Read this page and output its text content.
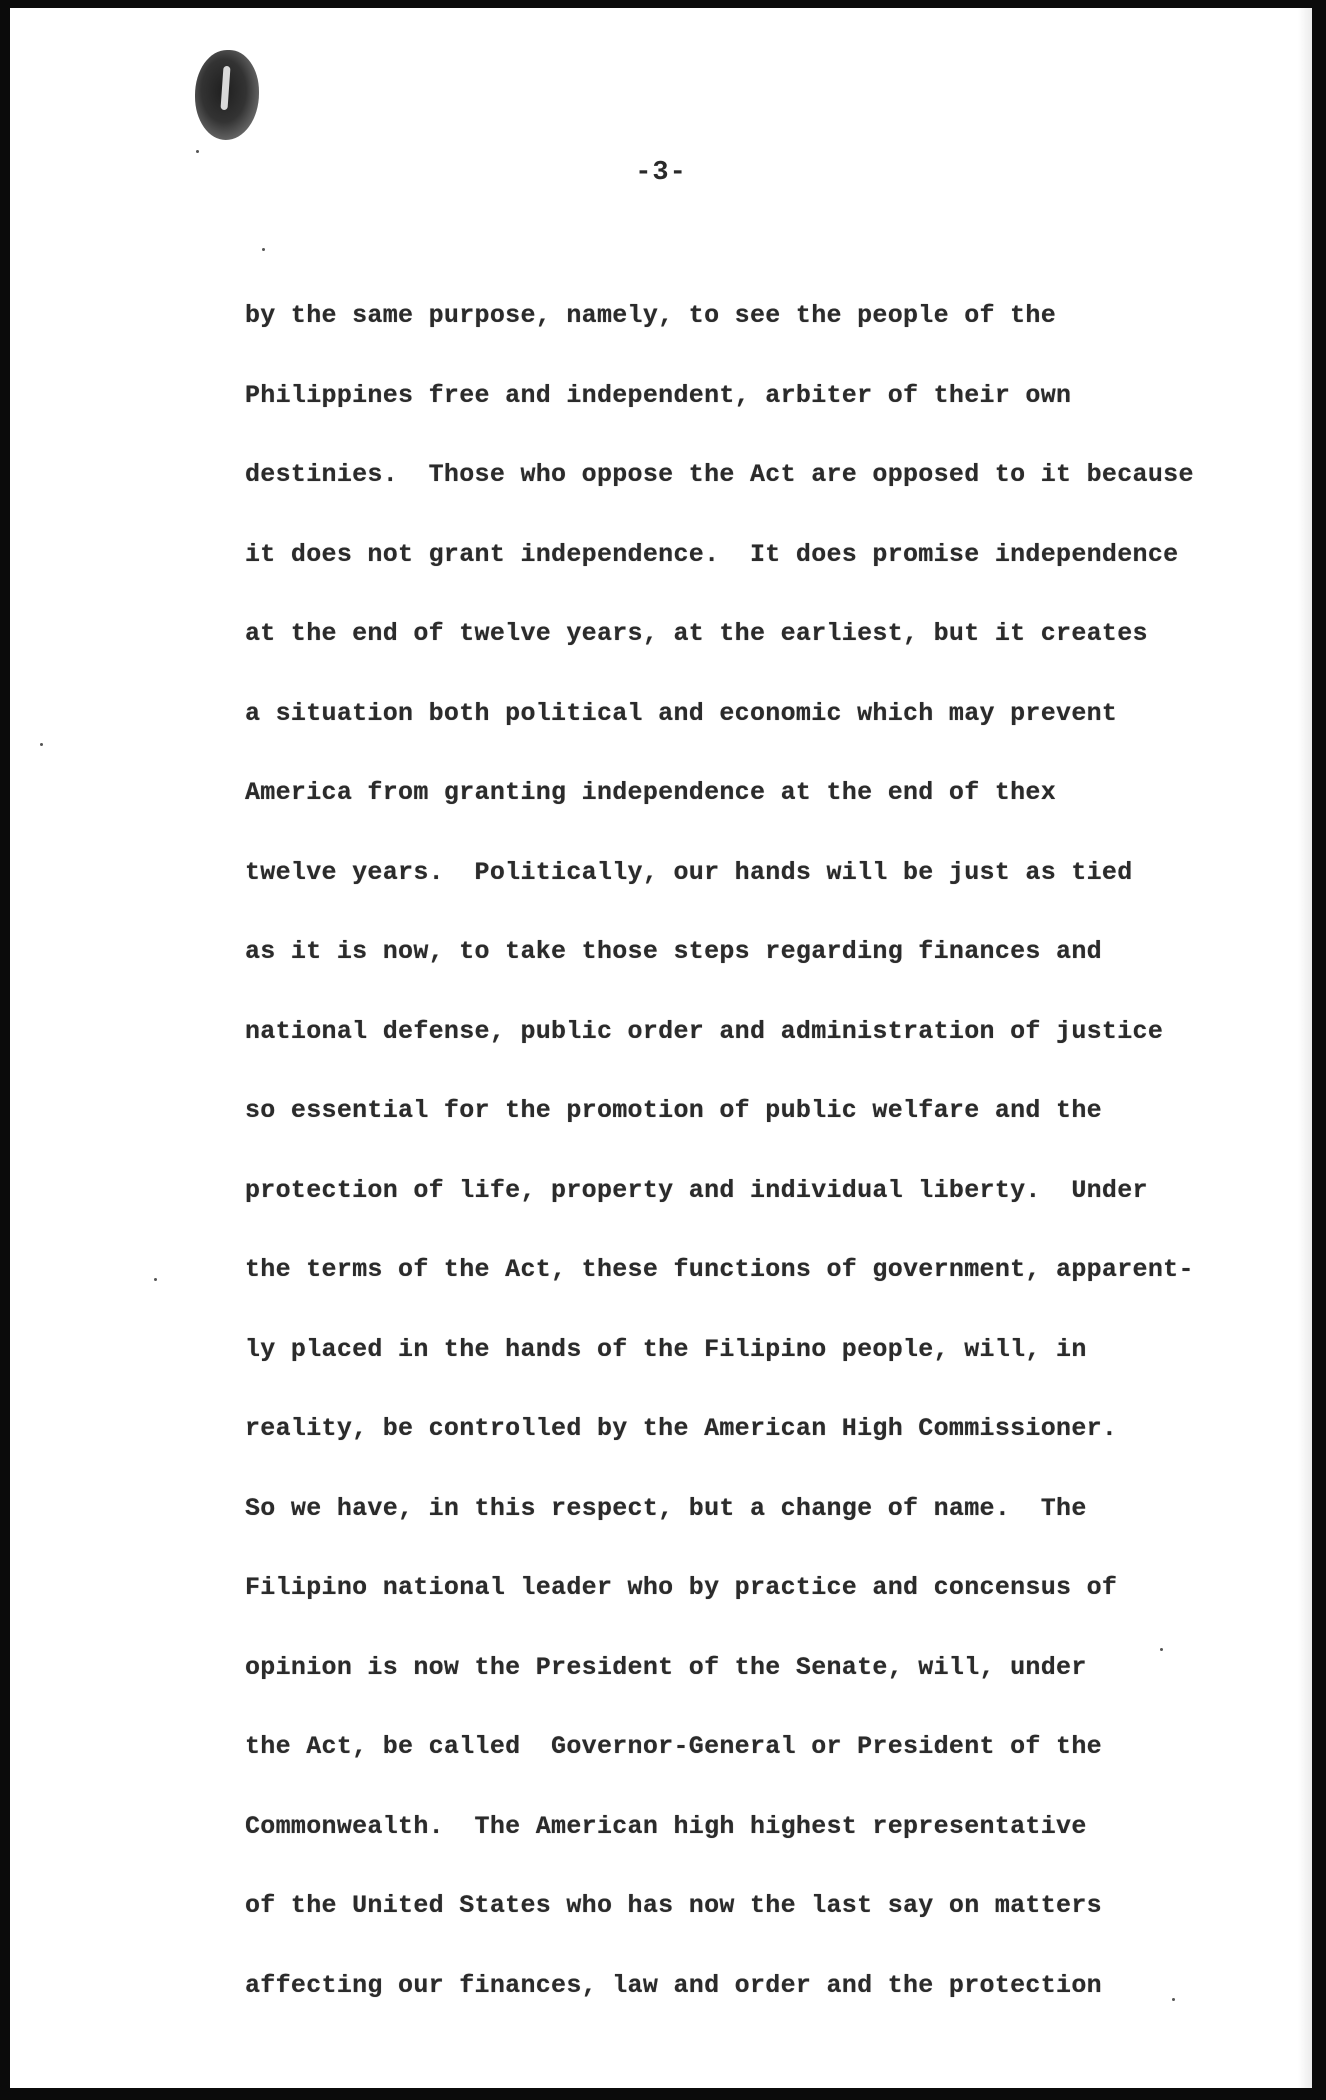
-3-
by the same purpose, namely, to see the people of the
Philippines free and independent, arbiter of their own
destinies.  Those who oppose the Act are opposed to it because
it does not grant independence.  It does promise independence
at the end of twelve years, at the earliest, but it creates
a situation both political and economic which may prevent
America from granting independence at the end of thex
twelve years.  Politically, our hands will be just as tied
as it is now, to take those steps regarding finances and
national defense, public order and administration of justice
so essential for the promotion of public welfare and the
protection of life, property and individual liberty.  Under
the terms of the Act, these functions of government, apparent-
ly placed in the hands of the Filipino people, will, in
reality, be controlled by the American High Commissioner.
So we have, in this respect, but a change of name.  The
Filipino national leader who by practice and concensus of
opinion is now the President of the Senate, will, under
the Act, be called  Governor-General or President of the
Commonwealth.  The American high highest representative
of the United States who has now the last say on matters
affecting our finances, law and order and the protection
